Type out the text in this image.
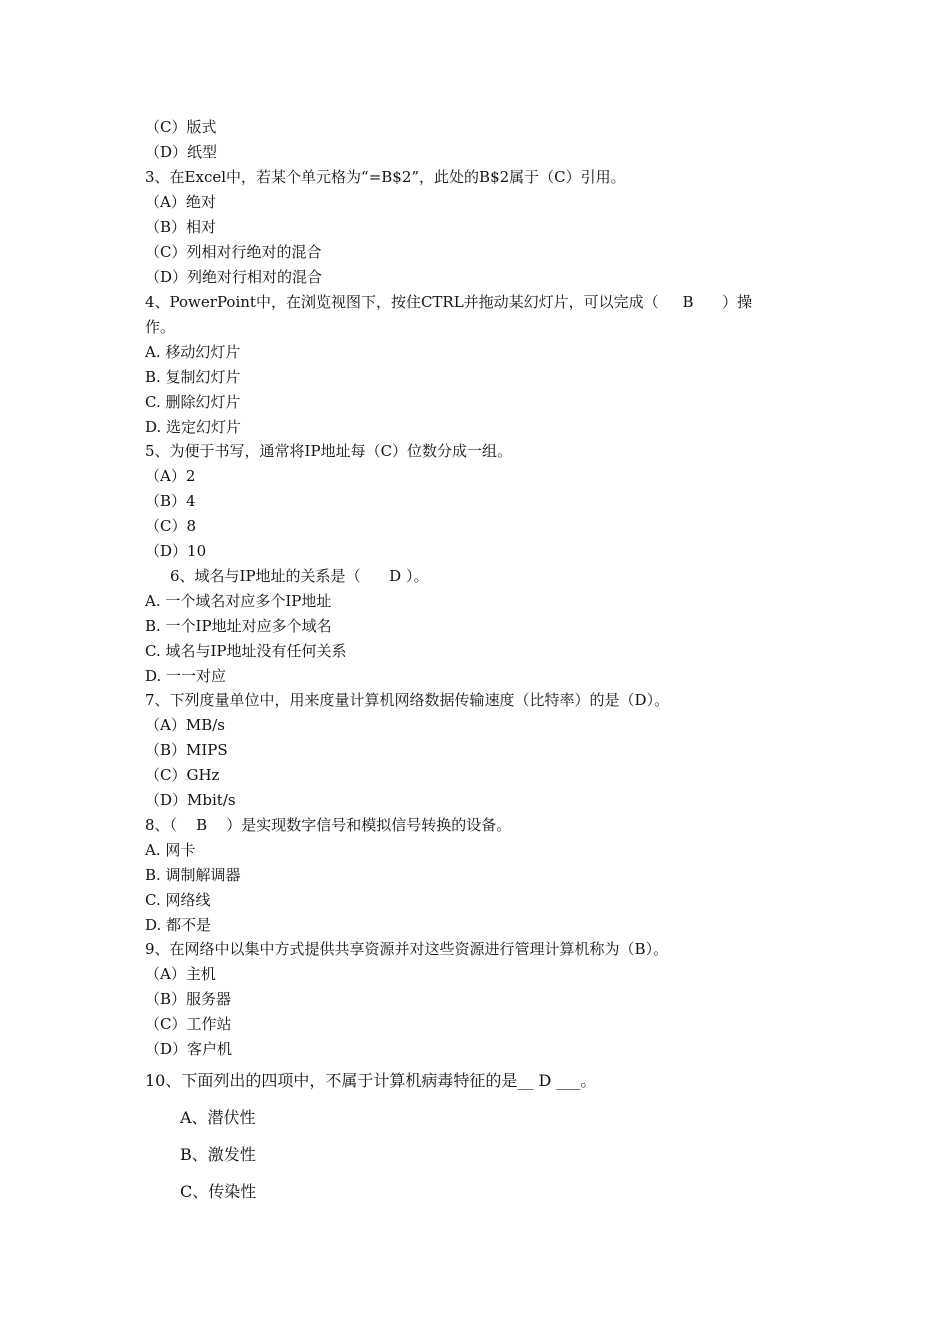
（C）版式
（D）纸型
3、在Excel中，若某个单元格为“=B$2”，此处的B$2属于（C）引用。
（A）绝对
（B）相对
（C）列相对行绝对的混合
（D）列绝对行相对的混合
4、PowerPoint中，在浏览视图下，按住CTRL并拖动某幻灯片，可以完成（     B      ）操
作。
A. 移动幻灯片
B. 复制幻灯片
C. 删除幻灯片
D. 选定幻灯片
5、为便于书写，通常将IP地址每（C）位数分成一组。
（A）2
（B）4
（C）8
（D）10
6、域名与IP地址的关系是（      D ）。
A. 一个域名对应多个IP地址
B. 一个IP地址对应多个域名
C. 域名与IP地址没有任何关系
D. 一一对应
7、下列度量单位中，用来度量计算机网络数据传输速度（比特率）的是（D）。
（A）MB/s
（B）MIPS
（C）GHz
（D）Mbit/s
8、（    B    ）是实现数字信号和模拟信号转换的设备。
A. 网卡
B. 调制解调器
C. 网络线
D. 都不是
9、在网络中以集中方式提供共享资源并对这些资源进行管理计算机称为（B）。
（A）主机
（B）服务器
（C）工作站
（D）客户机
10、下面列出的四项中，不属于计算机病毒特征的是__ D ___。
A、潜伏性
B、激发性
C、传染性
